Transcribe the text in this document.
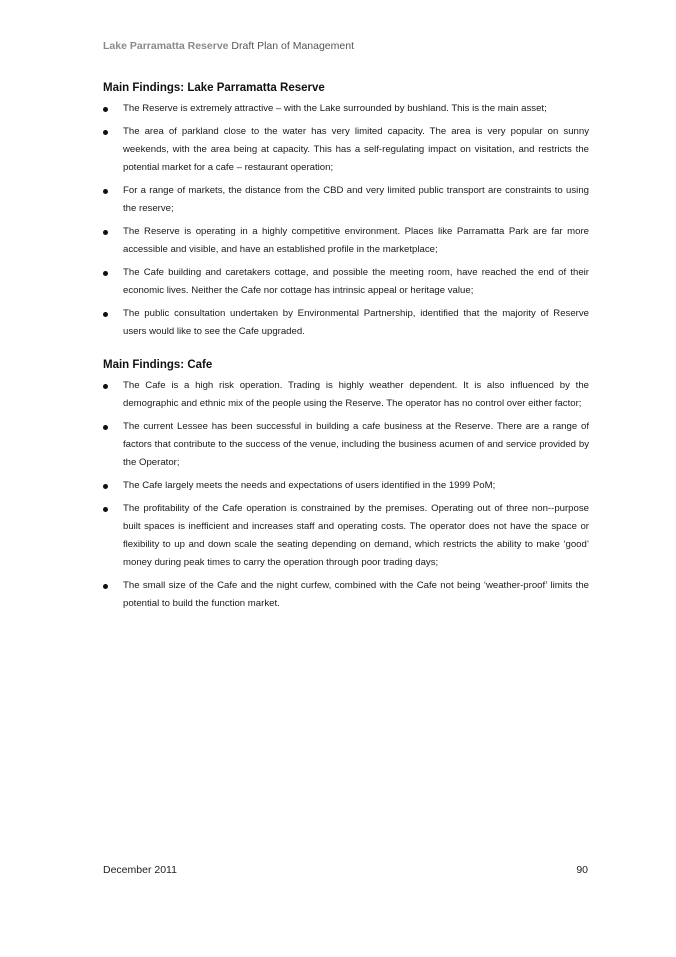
Lake Parramatta Reserve Draft Plan of Management
Main Findings: Lake Parramatta Reserve
The Reserve is extremely attractive – with the Lake surrounded by bushland. This is the main asset;
The area of parkland close to the water has very limited capacity. The area is very popular on sunny weekends, with the area being at capacity. This has a self-regulating impact on visitation, and restricts the potential market for a cafe – restaurant operation;
For a range of markets, the distance from the CBD and very limited public transport are constraints to using the reserve;
The Reserve is operating in a highly competitive environment. Places like Parramatta Park are far more accessible and visible, and have an established profile in the marketplace;
The Cafe building and caretakers cottage, and possible the meeting room, have reached the end of their economic lives. Neither the Cafe nor cottage has intrinsic appeal or heritage value;
The public consultation undertaken by Environmental Partnership, identified that the majority of Reserve users would like to see the Cafe upgraded.
Main Findings: Cafe
The Cafe is a high risk operation. Trading is highly weather dependent. It is also influenced by the demographic and ethnic mix of the people using the Reserve. The operator has no control over either factor;
The current Lessee has been successful in building a cafe business at the Reserve. There are a range of factors that contribute to the success of the venue, including the business acumen of and service provided by the Operator;
The Cafe largely meets the needs and expectations of users identified in the 1999 PoM;
The profitability of the Cafe operation is constrained by the premises. Operating out of three non--purpose built spaces is inefficient and increases staff and operating costs. The operator does not have the space or flexibility to up and down scale the seating depending on demand, which restricts the ability to make ‘good’ money during peak times to carry the operation through poor trading days;
The small size of the Cafe and the night curfew, combined with the Cafe not being ‘weather-proof’ limits the potential to build the function market.
December 2011	90
